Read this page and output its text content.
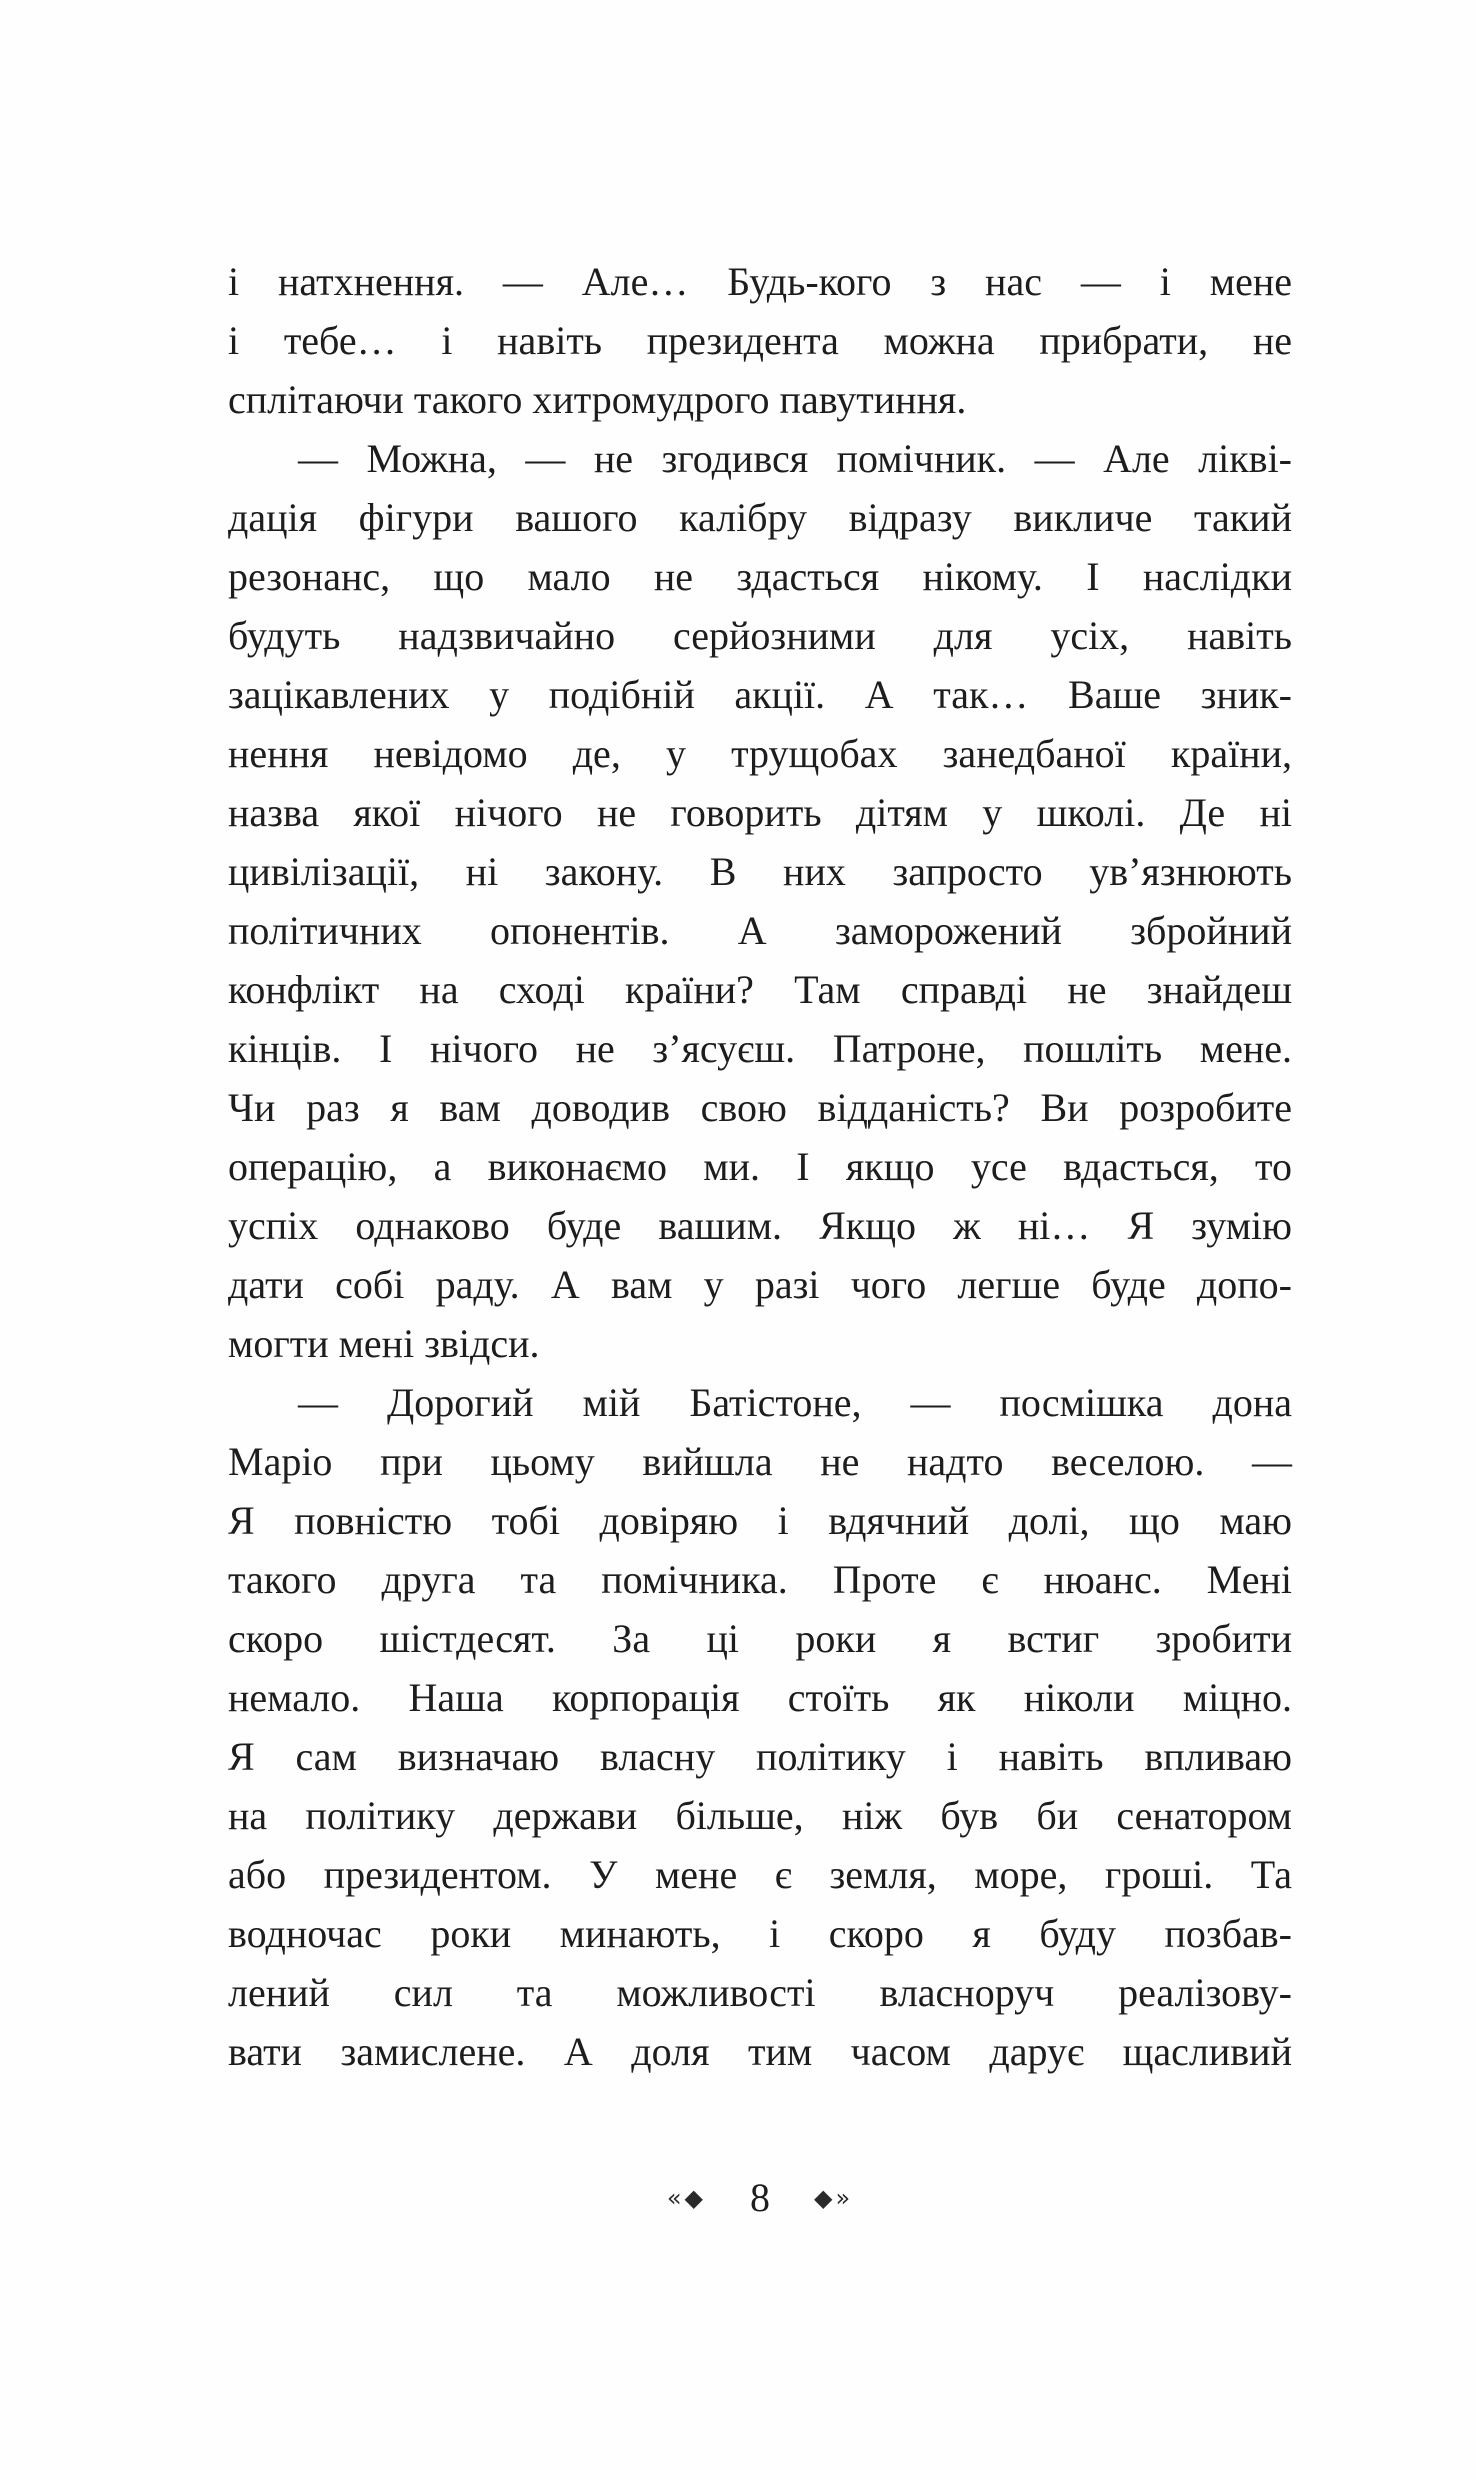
і натхнення. — Але… Будь-кого з нас — і мене
і тебе… і навіть президента можна прибрати, не
сплітаючи такого хитромудрого павутиння.
— Можна, — не згодився помічник. — Але лікві-
дація фігури вашого калібру відразу викличе такий
резонанс, що мало не здасться нікому. І наслідки
будуть надзвичайно серйозними для усіх, навіть
зацікавлених у подібній акції. А так… Ваше зник-
нення невідомо де, у трущобах занедбаної країни,
назва якої нічого не говорить дітям у школі. Де ні
цивілізації, ні закону. В них запросто ув’язнюють
політичних опонентів. А заморожений збройний
конфлікт на сході країни? Там справді не знайдеш
кінців. І нічого не з’ясуєш. Патроне, пошліть мене.
Чи раз я вам доводив свою відданість? Ви розробите
операцію, а виконаємо ми. І якщо усе вдасться, то
успіх однаково буде вашим. Якщо ж ні… Я зумію
дати собі раду. А вам у разі чого легше буде допо-
могти мені звідси.
— Дорогий мій Батістоне, — посмішка дона
Маріо при цьому вийшла не надто веселою. —
Я повністю тобі довіряю і вдячний долі, що маю
такого друга та помічника. Проте є нюанс. Мені
скоро шістдесят. За ці роки я встиг зробити
немало. Наша корпорація стоїть як ніколи міцно.
Я сам визначаю власну політику і навіть впливаю
на політику держави більше, ніж був би сенатором
або президентом. У мене є земля, море, гроші. Та
водночас роки минають, і скоро я буду позбав-
лений сил та можливості власноруч реалізову-
вати замислене. А доля тим часом дарує щасливий
«◆ 8 ◆»
